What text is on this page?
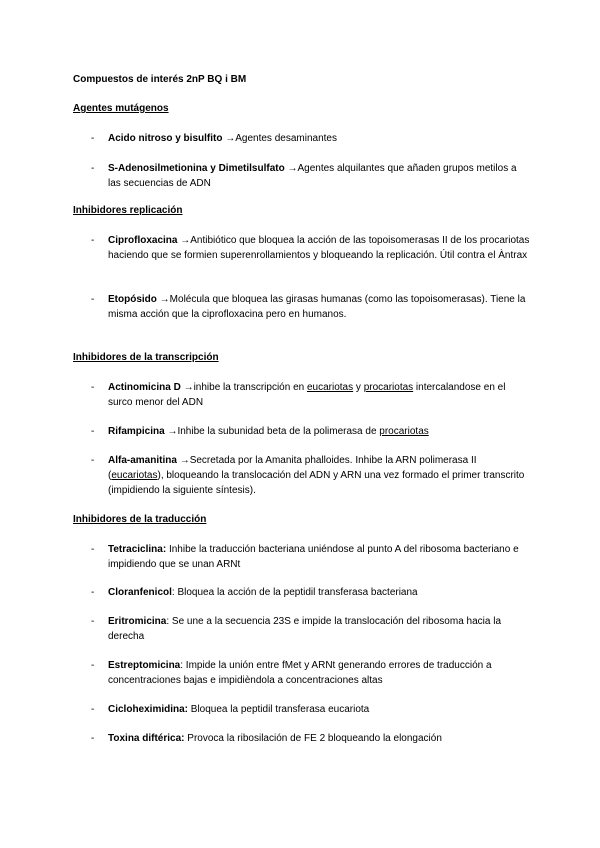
Compuestos de interés 2nP BQ i BM
Agentes mutágenos
- Acido nitroso y bisulfito →Agentes desaminantes
- S-Adenosilmetionina y Dimetilsulfato →Agentes alquilantes que añaden grupos metilos a las secuencias de ADN
Inhibidores replicación
- Ciprofloxacina →Antibiótico que bloquea la acción de las topoisomerasas II de los procariotas haciendo que se formien superenrollamientos y bloqueando la replicación. Útil contra el Àntrax
- Etopósido →Molécula que bloquea las girasas humanas (como las topoisomerasas). Tiene la misma acción que la ciprofloxacina pero en humanos.
Inhibidores de la transcripción
- Actinomicina D →inhibe la transcripción en eucariotas y procariotas intercalandose en el surco menor del ADN
- Rifampicina →Inhibe la subunidad beta de la polimerasa de procariotas
- Alfa-amanitina →Secretada por la Amanita phalloides. Inhibe la ARN polimerasa II (eucariotas), bloqueando la translocación del ADN y ARN una vez formado el primer transcrito (impidiendo la siguiente síntesis).
Inhibidores de la traducción
- Tetraciclina: Inhibe la traducción bacteriana uniéndose al punto A del ribosoma bacteriano e impidiendo que se unan ARNt
- Cloranfenicol: Bloquea la acción de la peptidil transferasa bacteriana
- Eritromicina: Se une a la secuencia 23S e impide la translocación del ribosoma hacia la derecha
- Estreptomicina: Impide la unión entre fMet y ARNt generando errores de traducción a concentraciones bajas e impidièndola a concentraciones altas
- Cicloheximidina: Bloquea la peptidil transferasa eucariota
- Toxina diftérica: Provoca la ribosilación de FE 2 bloqueando la elongación
